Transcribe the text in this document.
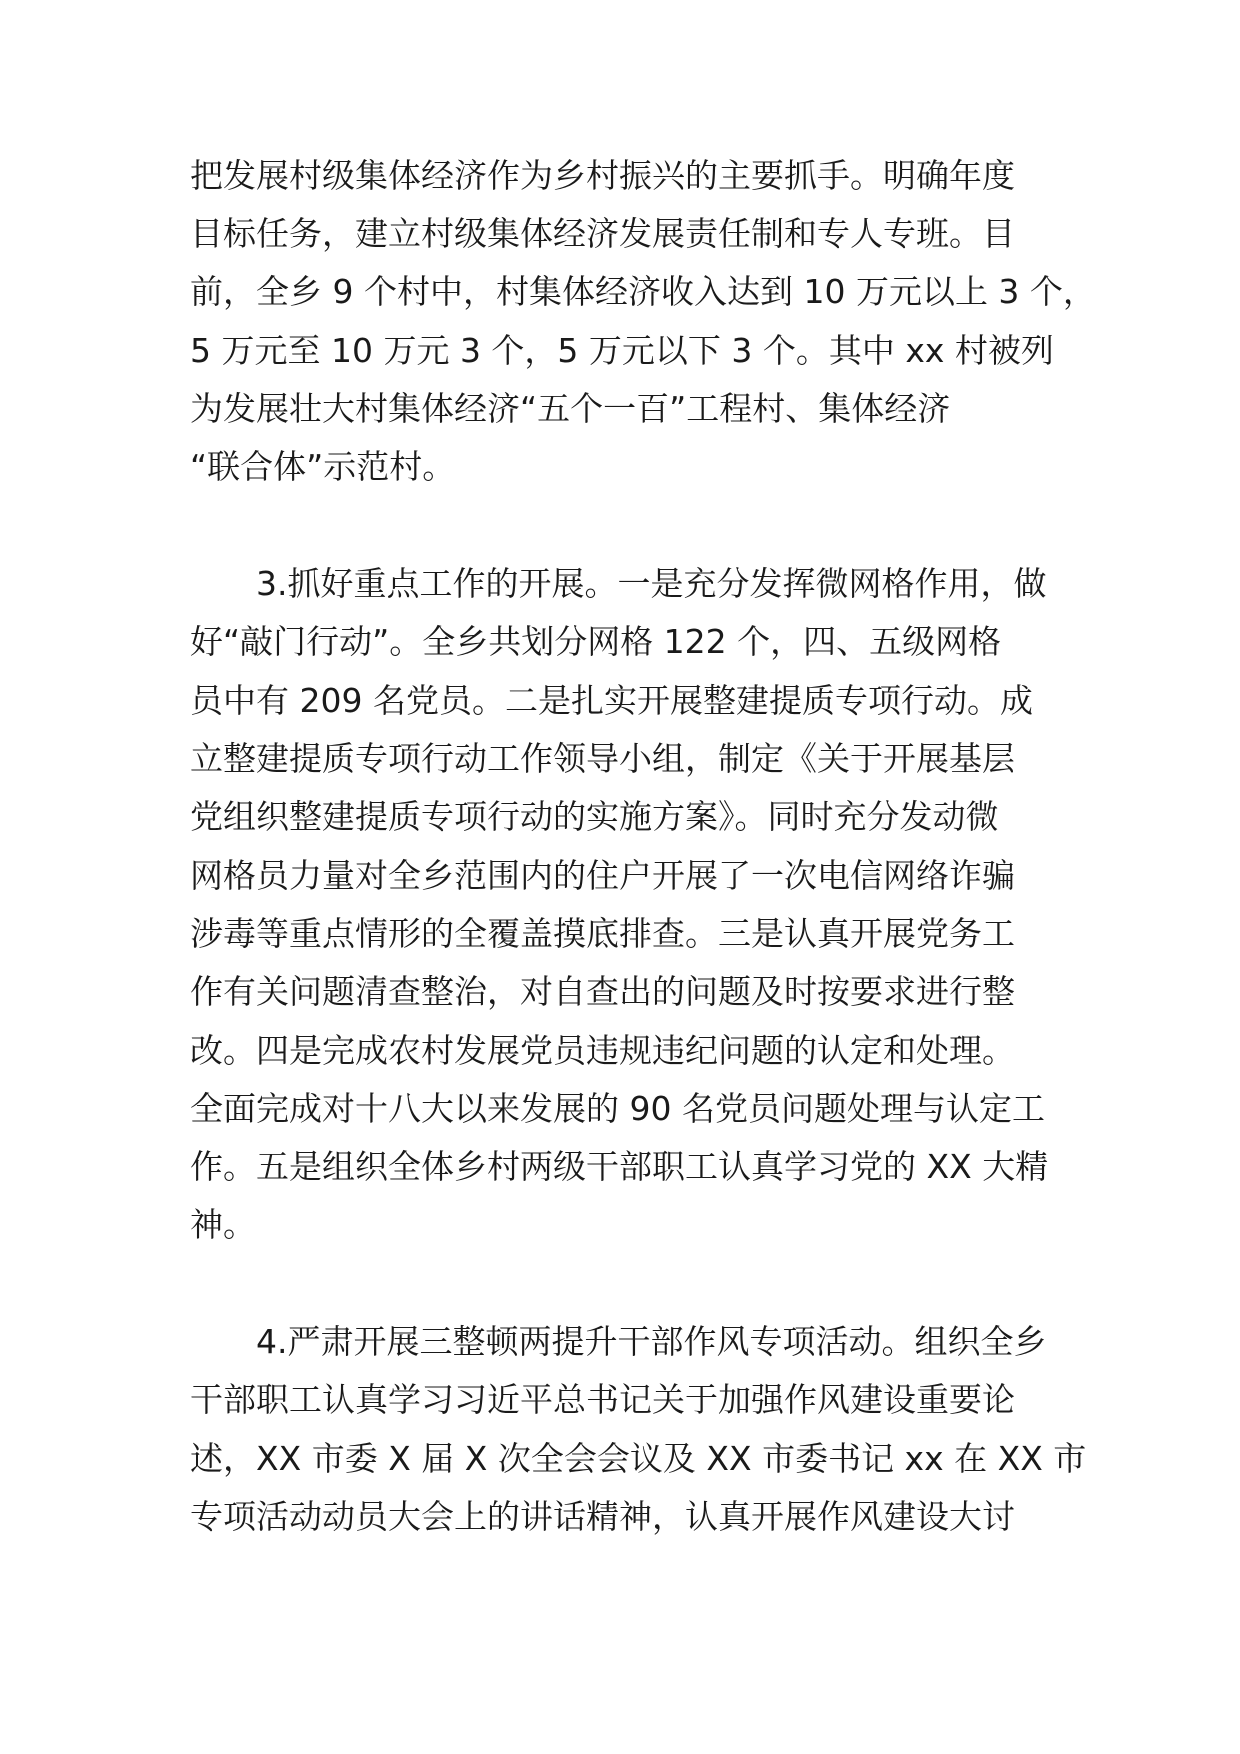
把发展村级集体经济作为乡村振兴的主要抓手。明确年度

目标任务，建立村级集体经济发展责任制和专人专班。目

前，全乡 9 个村中，村集体经济收入达到 10 万元以上 3 个，

5 万元至 10 万元 3 个，5 万元以下 3 个。其中 xx 村被列

为发展壮大村集体经济“五个一百”工程村、集体经济

“联合体”示范村。

3.抓好重点工作的开展。一是充分发挥微网格作用，做

好“敲门行动”。全乡共划分网格 122 个，四、五级网格

员中有 209 名党员。二是扎实开展整建提质专项行动。成

立整建提质专项行动工作领导小组，制定《关于开展基层

党组织整建提质专项行动的实施方案》。同时充分发动微

网格员力量对全乡范围内的住户开展了一次电信网络诈骗

涉毒等重点情形的全覆盖摸底排查。三是认真开展党务工

作有关问题清查整治，对自查出的问题及时按要求进行整

改。四是完成农村发展党员违规违纪问题的认定和处理。

全面完成对十八大以来发展的 90 名党员问题处理与认定工

作。五是组织全体乡村两级干部职工认真学习党的 XX 大精

神。

4.严肃开展三整顿两提升干部作风专项活动。组织全乡

干部职工认真学习习近平总书记关于加强作风建设重要论

述，XX 市委 X 届 X 次全会会议及 XX 市委书记 xx 在 XX 市

专项活动动员大会上的讲话精神，认真开展作风建设大讨
